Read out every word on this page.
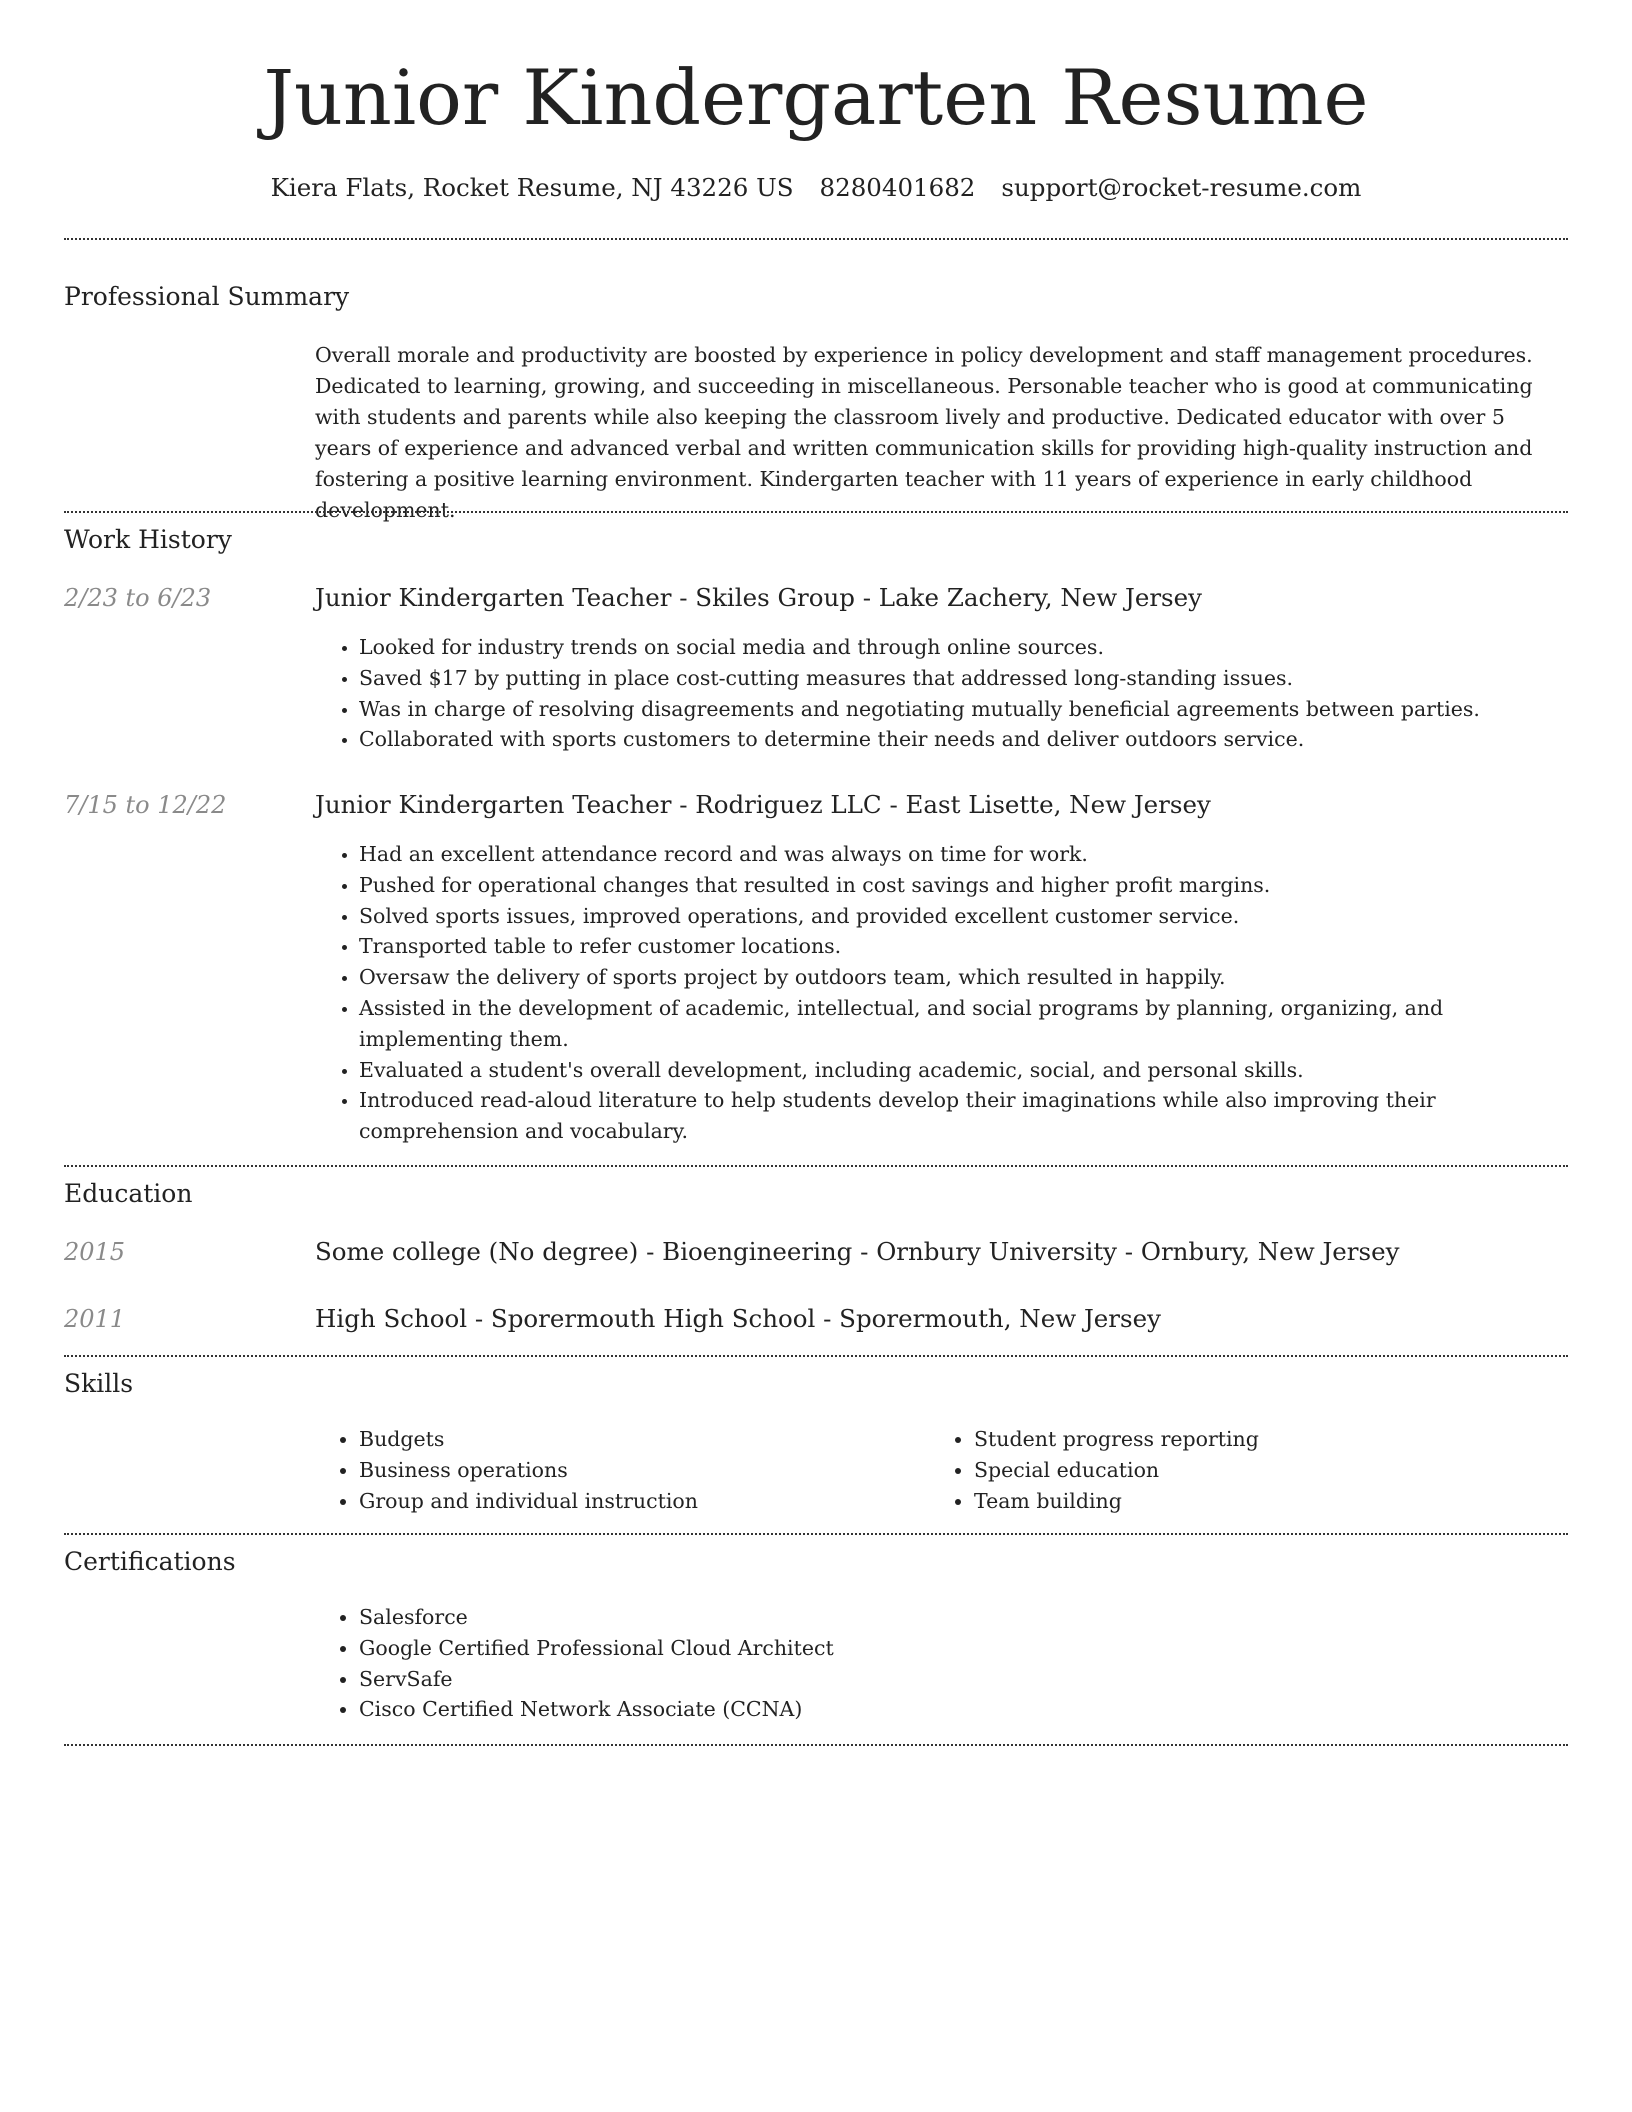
Junior Kindergarten Resume
Kiera Flats, Rocket Resume, NJ 43226 US 8280401682 support@rocket-resume.com
Professional Summary
Overall morale and productivity are boosted by experience in policy development and staff management procedures. Dedicated to learning, growing, and succeeding in miscellaneous. Personable teacher who is good at communicating with students and parents while also keeping the classroom lively and productive. Dedicated educator with over 5 years of experience and advanced verbal and written communication skills for providing high-quality instruction and fostering a positive learning environment. Kindergarten teacher with 11 years of experience in early childhood development.
Work History
2/23 to 6/23	Junior Kindergarten Teacher - Skiles Group - Lake Zachery, New Jersey
• Looked for industry trends on social media and through online sources.
• Saved $17 by putting in place cost-cutting measures that addressed long-standing issues.
• Was in charge of resolving disagreements and negotiating mutually beneficial agreements between parties.
• Collaborated with sports customers to determine their needs and deliver outdoors service.
7/15 to 12/22	Junior Kindergarten Teacher - Rodriguez LLC - East Lisette, New Jersey
• Had an excellent attendance record and was always on time for work.
• Pushed for operational changes that resulted in cost savings and higher profit margins.
• Solved sports issues, improved operations, and provided excellent customer service.
• Transported table to refer customer locations.
• Oversaw the delivery of sports project by outdoors team, which resulted in happily.
• Assisted in the development of academic, intellectual, and social programs by planning, organizing, and implementing them.
• Evaluated a student's overall development, including academic, social, and personal skills.
• Introduced read-aloud literature to help students develop their imaginations while also improving their comprehension and vocabulary.
Education
2015	Some college (No degree) - Bioengineering - Ornbury University - Ornbury, New Jersey
2011	High School - Sporermouth High School - Sporermouth, New Jersey
Skills
• Budgets
• Business operations
• Group and individual instruction
• Student progress reporting
• Special education
• Team building
Certifications
• Salesforce
• Google Certified Professional Cloud Architect
• ServSafe
• Cisco Certified Network Associate (CCNA)
